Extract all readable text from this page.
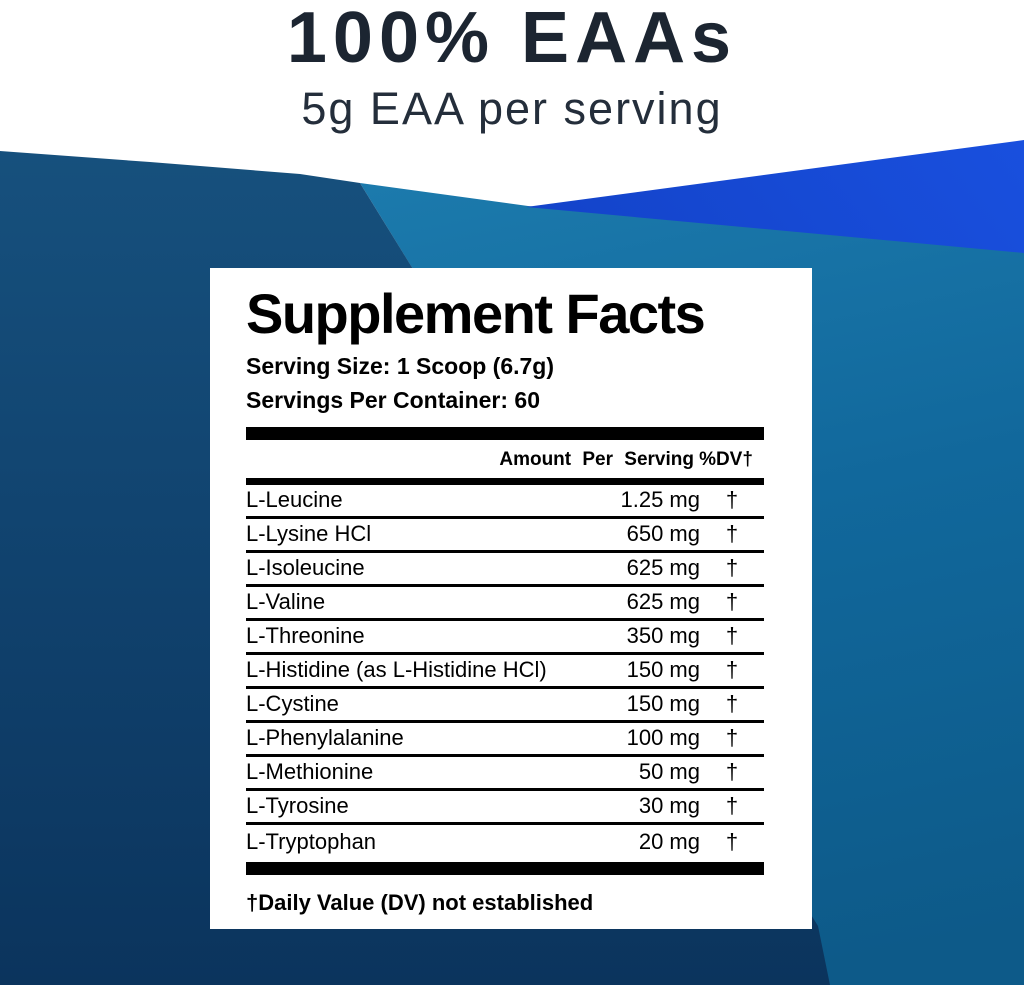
100% EAAs
5g EAA per serving
Supplement Facts
Serving Size: 1 Scoop (6.7g)
Servings Per Container: 60
Amount Per Serving %DV†
L-Leucine	1.25 mg	†
L-Lysine HCl	650 mg	†
L-Isoleucine	625 mg	†
L-Valine	625 mg	†
L-Threonine	350 mg	†
L-Histidine (as L-Histidine HCl)	150 mg	†
L-Cystine	150 mg	†
L-Phenylalanine	100 mg	†
L-Methionine	50 mg	†
L-Tyrosine	30 mg	†
L-Tryptophan	20 mg	†
†Daily Value (DV) not established
